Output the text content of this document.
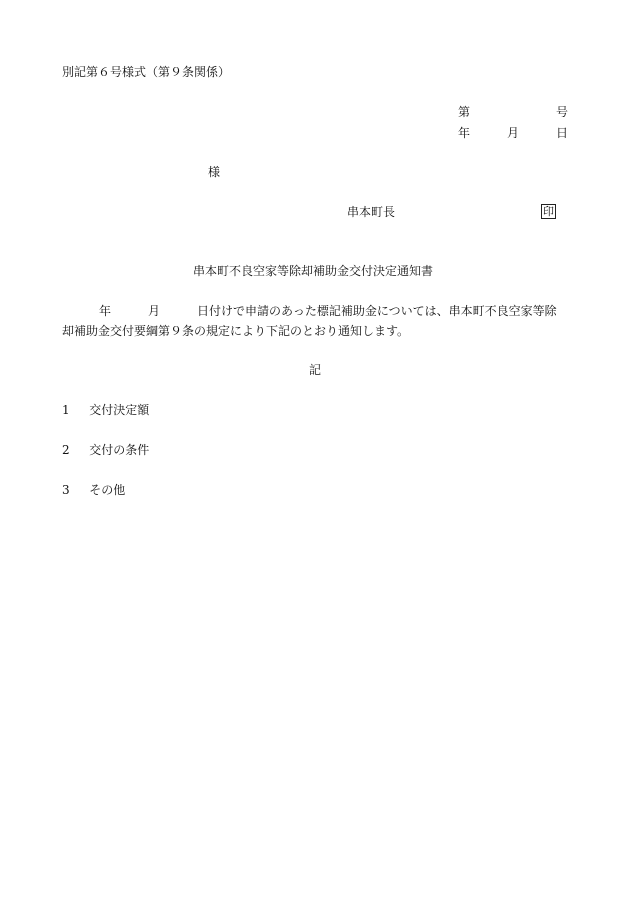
別記第６号様式（第９条関係）
第	号
年	月	日
様
串本町長	印
串本町不良空家等除却補助金交付決定通知書
年	月	日付けで申請のあった標記補助金については、串本町不良空家等除
却補助金交付要綱第９条の規定により下記のとおり通知します。
記
1 交付決定額
2 交付の条件
3 その他
